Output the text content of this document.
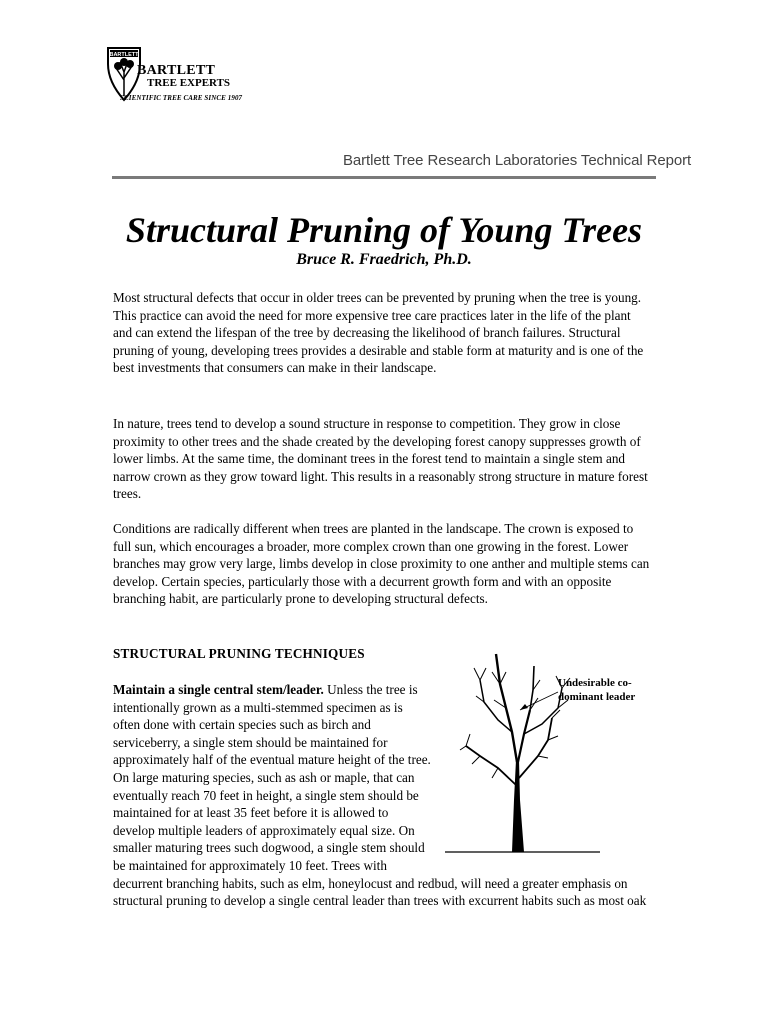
BARTLETT
BARTLETT
TREE EXPERTS
SCIENTIFIC TREE CARE SINCE 1907
Bartlett Tree Research Laboratories Technical Report
Structural Pruning of Young Trees
Bruce R. Fraedrich, Ph.D.

Most structural defects that occur in older trees can be prevented by pruning when the tree is young. This practice can avoid the need for more expensive tree care practices later in the life of the plant and can extend the lifespan of the tree by decreasing the likelihood of branch failures. Structural pruning of young, developing trees provides a desirable and stable form at maturity and is one of the best investments that consumers can make in their landscape.

In nature, trees tend to develop a sound structure in response to competition. They grow in close proximity to other trees and the shade created by the developing forest canopy suppresses growth of lower limbs. At the same time, the dominant trees in the forest tend to maintain a single stem and narrow crown as they grow toward light. This results in a reasonably strong structure in mature forest trees.

Conditions are radically different when trees are planted in the landscape. The crown is exposed to full sun, which encourages a broader, more complex crown than one growing in the forest. Lower branches may grow very large, limbs develop in close proximity to one anther and multiple stems can develop. Certain species, particularly those with a decurrent growth form and with an opposite branching habit, are particularly prone to developing structural defects.

STRUCTURAL PRUNING TECHNIQUES
Maintain a single central stem/leader. Unless the tree is intentionally grown as a multi-stemmed specimen as is often done with certain species such as birch and serviceberry, a single stem should be maintained for approximately half of the eventual mature height of the tree. On large maturing species, such as ash or maple, that can eventually reach 70 feet in height, a single stem should be maintained for at least 35 feet before it is allowed to develop multiple leaders of approximately equal size. On smaller maturing trees such dogwood, a single stem should be maintained for approximately 10 feet. Trees with decurrent branching habits, such as elm, honeylocust and redbud, will need a greater emphasis on structural pruning to develop a single central leader than trees with excurrent habits such as most oak
Undesirable co-dominant leader
